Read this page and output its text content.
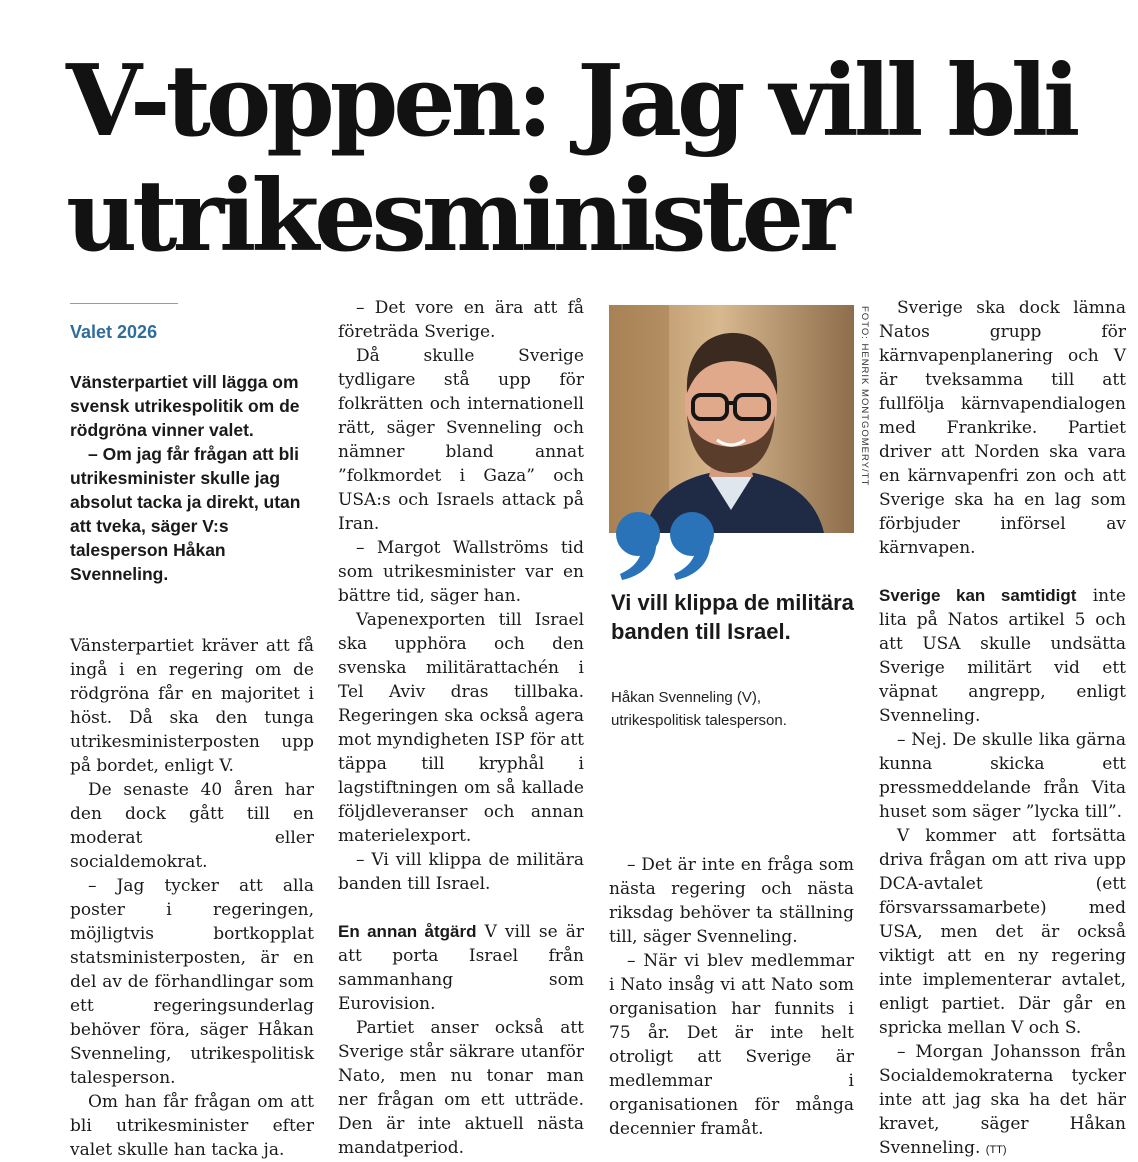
V-toppen: Jag vill bli utrikesminister
Valet 2026

Vänsterpartiet vill lägga om svensk utrikespolitik om de rödgröna vinner valet.

– Om jag får frågan att bli utrikesminister skulle jag absolut tacka ja direkt, utan att tveka, säger V:s talesperson Håkan Svenneling.

Vänsterpartiet kräver att få ingå i en regering om de rödgröna får en majoritet i höst. Då ska den tunga utrikesministerposten upp på bordet, enligt V.

De senaste 40 åren har den dock gått till en moderat eller socialdemokrat.

– Jag tycker att alla poster i regeringen, möjligtvis bortkopplat statsministerposten, är en del av de förhandlingar som ett regeringsunderlag behöver föra, säger Håkan Svenneling, utrikespolitisk talesperson.

Om han får frågan om att bli utrikesminister efter valet skulle han tacka ja.

– Det vore en ära att få företräda Sverige.

Då skulle Sverige tydligare stå upp för folkrätten och internationell rätt, säger Svenneling och nämner bland annat ”folkmordet i Gaza” och USA:s och Israels attack på Iran.

– Margot Wallströms tid som utrikesminister var en bättre tid, säger han.

Vapenexporten till Israel ska upphöra och den svenska militärattachén i Tel Aviv dras tillbaka. Regeringen ska också agera mot myndigheten ISP för att täppa till kryphål i lagstiftningen om så kallade följdleveranser och annan materielexport.

– Vi vill klippa de militära banden till Israel.

En annan åtgärd V vill se är att porta Israel från sammanhang som Eurovision.

Partiet anser också att Sverige står säkrare utanför Nato, men nu tonar man ner frågan om ett utträde. Den är inte aktuell nästa mandatperiod.

FOTO: HENRIK MONTGOMERY/TT

Vi vill klippa de militära banden till Israel.

Håkan Svenneling (V), utrikespolitisk talesperson.

– Det är inte en fråga som nästa regering och nästa riksdag behöver ta ställning till, säger Svenneling.

– När vi blev medlemmar i Nato insåg vi att Nato som organisation har funnits i 75 år. Det är inte helt otroligt att Sverige är medlemmar i organisationen för många decennier framåt.

Sverige ska dock lämna Natos grupp för kärnvapenplanering och V är tveksamma till att fullfölja kärnvapendialogen med Frankrike. Partiet driver att Norden ska vara en kärnvapenfri zon och att Sverige ska ha en lag som förbjuder införsel av kärnvapen.

Sverige kan samtidigt inte lita på Natos artikel 5 och att USA skulle undsätta Sverige militärt vid ett väpnat angrepp, enligt Svenneling.

– Nej. De skulle lika gärna kunna skicka ett pressmeddelande från Vita huset som säger ”lycka till”.

V kommer att fortsätta driva frågan om att riva upp DCA-avtalet (ett försvarssamarbete) med USA, men det är också viktigt att en ny regering inte implementerar avtalet, enligt partiet. Där går en spricka mellan V och S.

– Morgan Johansson från Socialdemokraterna tycker inte att jag ska ha det här kravet, säger Håkan Svenneling. (TT)
